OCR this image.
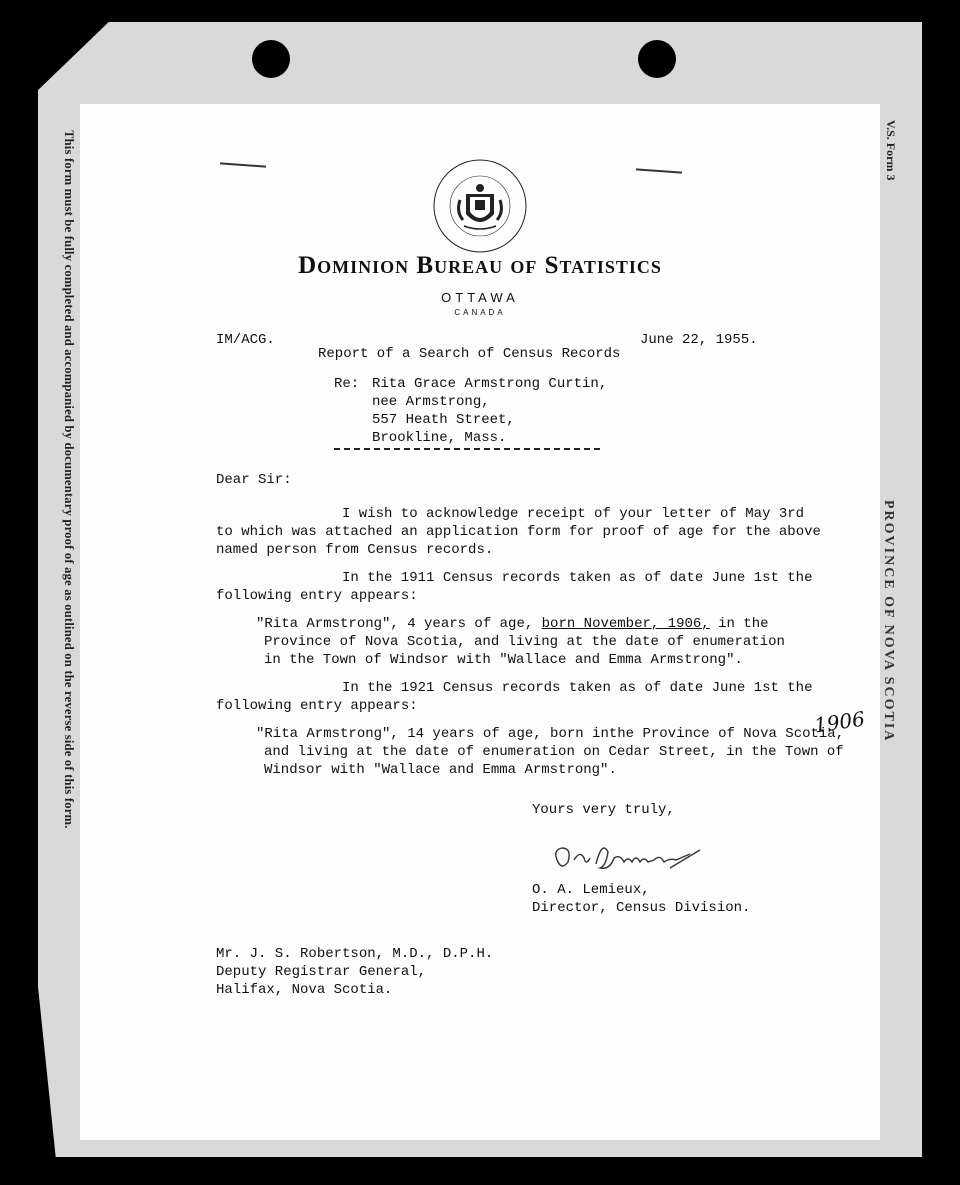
This form must be fully completed and accompanied by documentary proof of age as outlined on the reverse side of this form.	V.S. Form 3
PROVINCE OF NOVA SCOTIA
Dominion Bureau of Statistics
OTTAWA
CANADA
IM/ACG.	June 22, 1955.
Report of a Search of Census Records
Re: Rita Grace Armstrong Curtin,
nee Armstrong,
557 Heath Street,
Brookline, Mass.
Dear Sir:
I wish to acknowledge receipt of your letter of May 3rd
to which was attached an application form for proof of age for the above
named person from Census records.
In the 1911 Census records taken as of date June 1st the
following entry appears:
"Rita Armstrong", 4 years of age, born November, 1906, in the
Province of Nova Scotia, and living at the date of enumeration
in the Town of Windsor with "Wallace and Emma Armstrong".
In the 1921 Census records taken as of date June 1st the
following entry appears:
"Rita Armstrong", 14 years of age, born inthe Province of Nova Scotia,
and living at the date of enumeration on Cedar Street, in the Town of
Windsor with "Wallace and Emma Armstrong".
1906
Yours very truly,
O. A. Lemieux,
Director, Census Division.
Mr. J. S. Robertson, M.D., D.P.H.
Deputy Registrar General,
Halifax, Nova Scotia.
